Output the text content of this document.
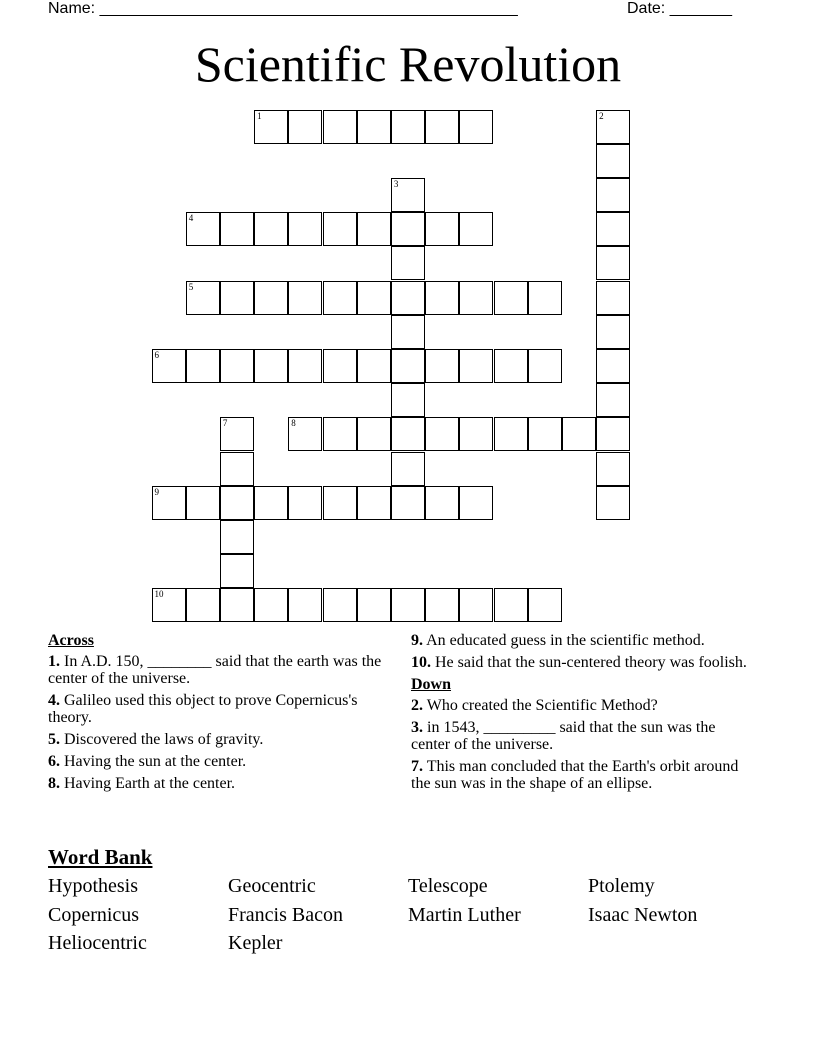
Name: _______________________________________________	Date: _______
Scientific Revolution
1	2
3
4
5
6
7	8
9
10
Across
1. In A.D. 150, ________ said that the earth was the center of the universe.
4. Galileo used this object to prove Copernicus's theory.
5. Discovered the laws of gravity.
6. Having the sun at the center.
8. Having Earth at the center.
9. An educated guess in the scientific method.
10. He said that the sun-centered theory was foolish.
Down
2. Who created the Scientific Method?
3. in 1543, _________ said that the sun was the center of the universe.
7. This man concluded that the Earth's orbit around the sun was in the shape of an ellipse.
Word Bank
Hypothesis	Geocentric	Telescope	Ptolemy
Copernicus	Francis Bacon	Martin Luther	Isaac Newton
Heliocentric	Kepler
